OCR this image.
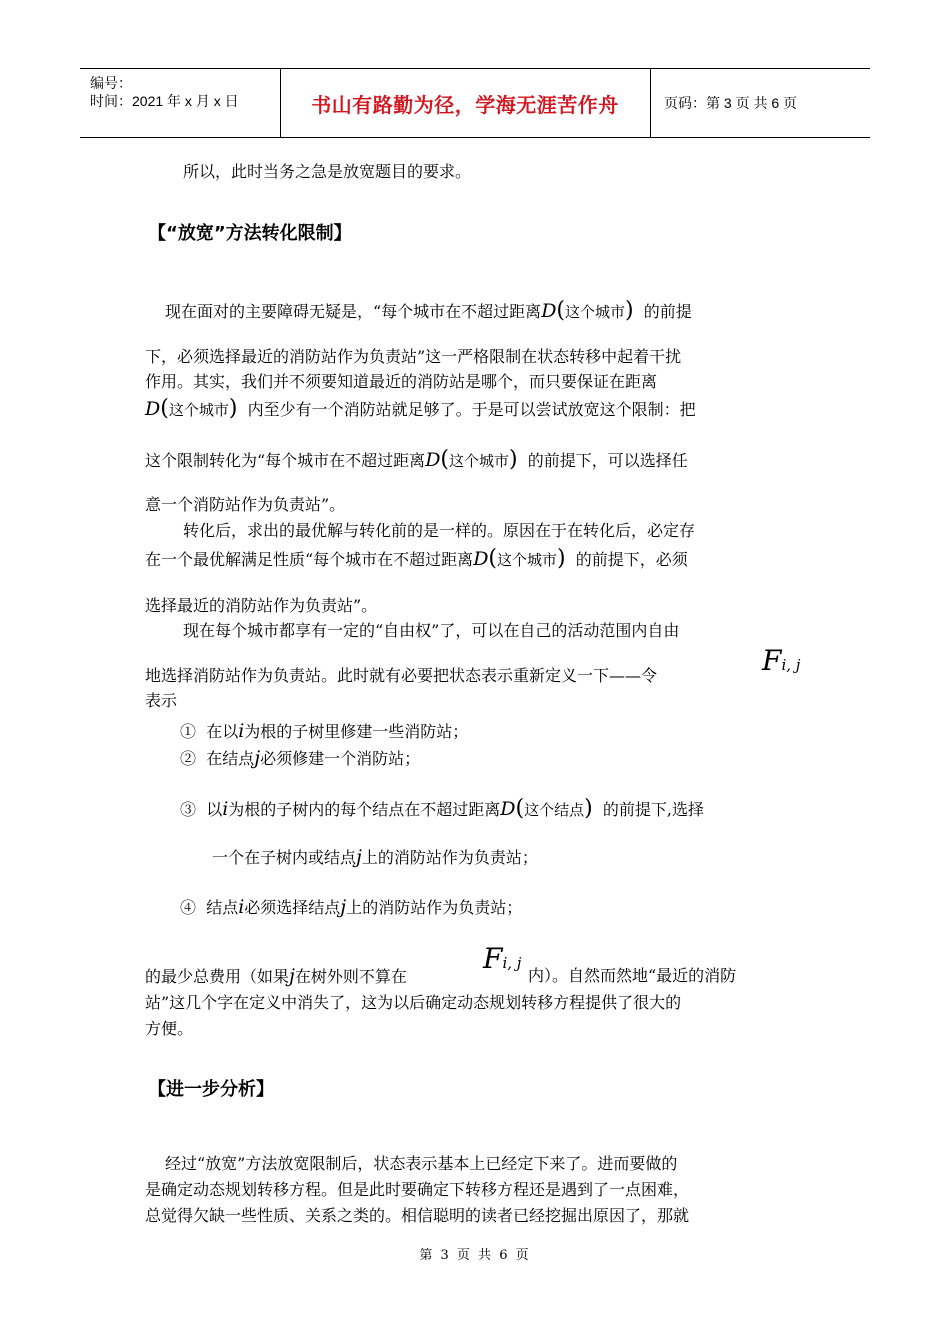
编号：
时间：2021 年 x 月 x 日	书山有路勤为径，学海无涯苦作舟	页码：第 3 页 共 6 页
所以，此时当务之急是放宽题目的要求。
【“放宽”方法转化限制】
现在面对的主要障碍无疑是，“每个城市在不超过距离D(这个城市) 的前提
下，必须选择最近的消防站作为负责站”这一严格限制在状态转移中起着干扰
作用。其实，我们并不须要知道最近的消防站是哪个，而只要保证在距离
D(这个城市) 内至少有一个消防站就足够了。于是可以尝试放宽这个限制：把
这个限制转化为“每个城市在不超过距离D(这个城市) 的前提下，可以选择任
意一个消防站作为负责站”。
转化后，求出的最优解与转化前的是一样的。原因在于在转化后，必定存
在一个最优解满足性质“每个城市在不超过距离D(这个城市) 的前提下，必须
选择最近的消防站作为负责站”。
现在每个城市都享有一定的“自由权”了，可以在自己的活动范围内自由
地选择消防站作为负责站。此时就有必要把状态表示重新定义一下——令	Fi, j
表示
① 在以i为根的子树里修建一些消防站；
② 在结点j必须修建一个消防站；
③ 以i为根的子树内的每个结点在不超过距离D(这个结点) 的前提下,选择
一个在子树内或结点j上的消防站作为负责站；
④ 结点i必须选择结点j上的消防站作为负责站；
的最少总费用（如果j在树外则不算在
Fi, j
内）。自然而然地“最近的消防
站”这几个字在定义中消失了，这为以后确定动态规划转移方程提供了很大的
方便。
【进一步分析】
经过“放宽”方法放宽限制后，状态表示基本上已经定下来了。进而要做的
是确定动态规划转移方程。但是此时要确定下转移方程还是遇到了一点困难，
总觉得欠缺一些性质、关系之类的。相信聪明的读者已经挖掘出原因了，那就
第 3 页 共 6 页
